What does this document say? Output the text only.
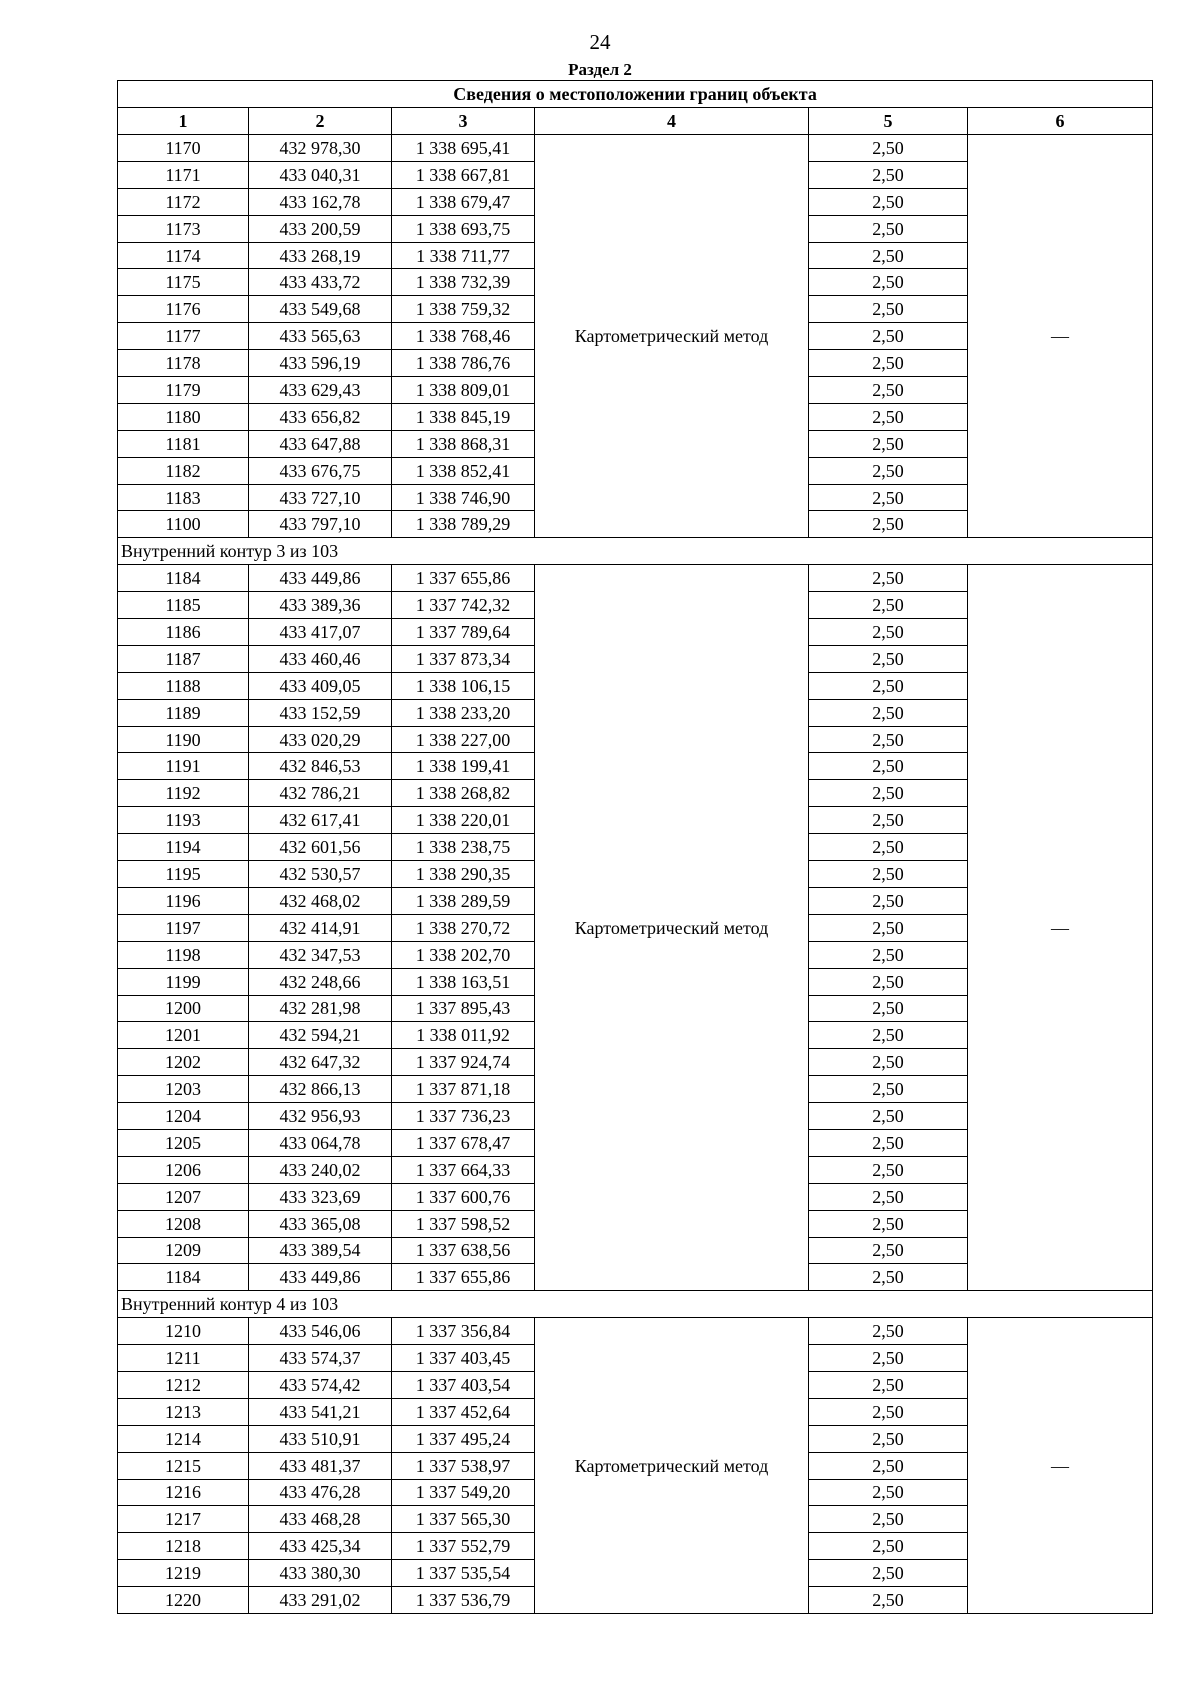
24
Раздел 2
Сведения о местоположении границ объекта					
1	2	3	4	5	6
1170	432 978,30	1 338 695,41	Картометрический метод	2,50	—
1171	433 040,31	1 338 667,81		2,50	
1172	433 162,78	1 338 679,47		2,50	
1173	433 200,59	1 338 693,75		2,50	
1174	433 268,19	1 338 711,77		2,50	
1175	433 433,72	1 338 732,39		2,50	
1176	433 549,68	1 338 759,32		2,50	
1177	433 565,63	1 338 768,46		2,50	
1178	433 596,19	1 338 786,76		2,50	
1179	433 629,43	1 338 809,01		2,50	
1180	433 656,82	1 338 845,19		2,50	
1181	433 647,88	1 338 868,31		2,50	
1182	433 676,75	1 338 852,41		2,50	
1183	433 727,10	1 338 746,90		2,50	
1100	433 797,10	1 338 789,29		2,50	
Внутренний контур 3 из 103					
1184	433 449,86	1 337 655,86	Картометрический метод	2,50	—
1185	433 389,36	1 337 742,32		2,50	
1186	433 417,07	1 337 789,64		2,50	
1187	433 460,46	1 337 873,34		2,50	
1188	433 409,05	1 338 106,15		2,50	
1189	433 152,59	1 338 233,20		2,50	
1190	433 020,29	1 338 227,00		2,50	
1191	432 846,53	1 338 199,41		2,50	
1192	432 786,21	1 338 268,82		2,50	
1193	432 617,41	1 338 220,01		2,50	
1194	432 601,56	1 338 238,75		2,50	
1195	432 530,57	1 338 290,35		2,50	
1196	432 468,02	1 338 289,59		2,50	
1197	432 414,91	1 338 270,72		2,50	
1198	432 347,53	1 338 202,70		2,50	
1199	432 248,66	1 338 163,51		2,50	
1200	432 281,98	1 337 895,43		2,50	
1201	432 594,21	1 338 011,92		2,50	
1202	432 647,32	1 337 924,74		2,50	
1203	432 866,13	1 337 871,18		2,50	
1204	432 956,93	1 337 736,23		2,50	
1205	433 064,78	1 337 678,47		2,50	
1206	433 240,02	1 337 664,33		2,50	
1207	433 323,69	1 337 600,76		2,50	
1208	433 365,08	1 337 598,52		2,50	
1209	433 389,54	1 337 638,56		2,50	
1184	433 449,86	1 337 655,86		2,50	
Внутренний контур 4 из 103					
1210	433 546,06	1 337 356,84	Картометрический метод	2,50	—
1211	433 574,37	1 337 403,45		2,50	
1212	433 574,42	1 337 403,54		2,50	
1213	433 541,21	1 337 452,64		2,50	
1214	433 510,91	1 337 495,24		2,50	
1215	433 481,37	1 337 538,97		2,50	
1216	433 476,28	1 337 549,20		2,50	
1217	433 468,28	1 337 565,30		2,50	
1218	433 425,34	1 337 552,79		2,50	
1219	433 380,30	1 337 535,54		2,50	
1220	433 291,02	1 337 536,79		2,50	
